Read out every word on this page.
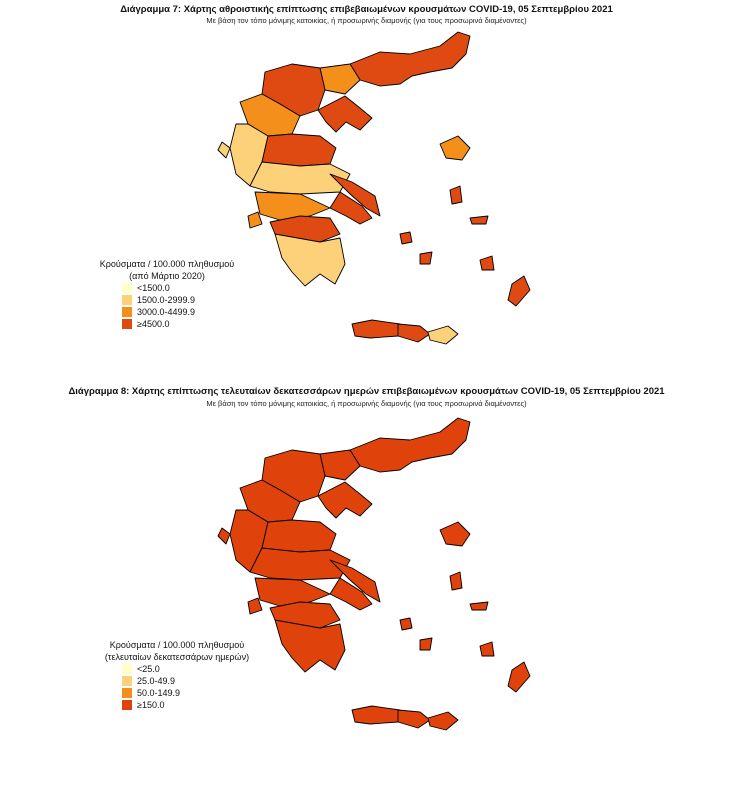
Διάγραμμα 7: Χάρτης αθροιστικής επίπτωσης επιβεβαιωμένων κρουσμάτων COVID-19, 05 Σεπτεμβρίου 2021
Με βάση τον τόπο μόνιμης κατοικίας, ή προσωρινής διαμονής (για τους προσωρινά διαμένοντες)
Κρούσματα / 100.000 πληθυσμού
(από Μάρτιο 2020)
<1500.0
1500.0-2999.9
3000.0-4499.9
≥4500.0
Διάγραμμα 8: Χάρτης επίπτωσης τελευταίων δεκατεσσάρων ημερών επιβεβαιωμένων κρουσμάτων COVID-19, 05 Σεπτεμβρίου 2021
Με βάση τον τόπο μόνιμης κατοικίας, ή προσωρινής διαμονής (για τους προσωρινά διαμένοντες)
Κρούσματα / 100.000 πληθυσμού
(τελευταίων δεκατεσσάρων ημερών)
<25.0
25.0-49.9
50.0-149.9
≥150.0
